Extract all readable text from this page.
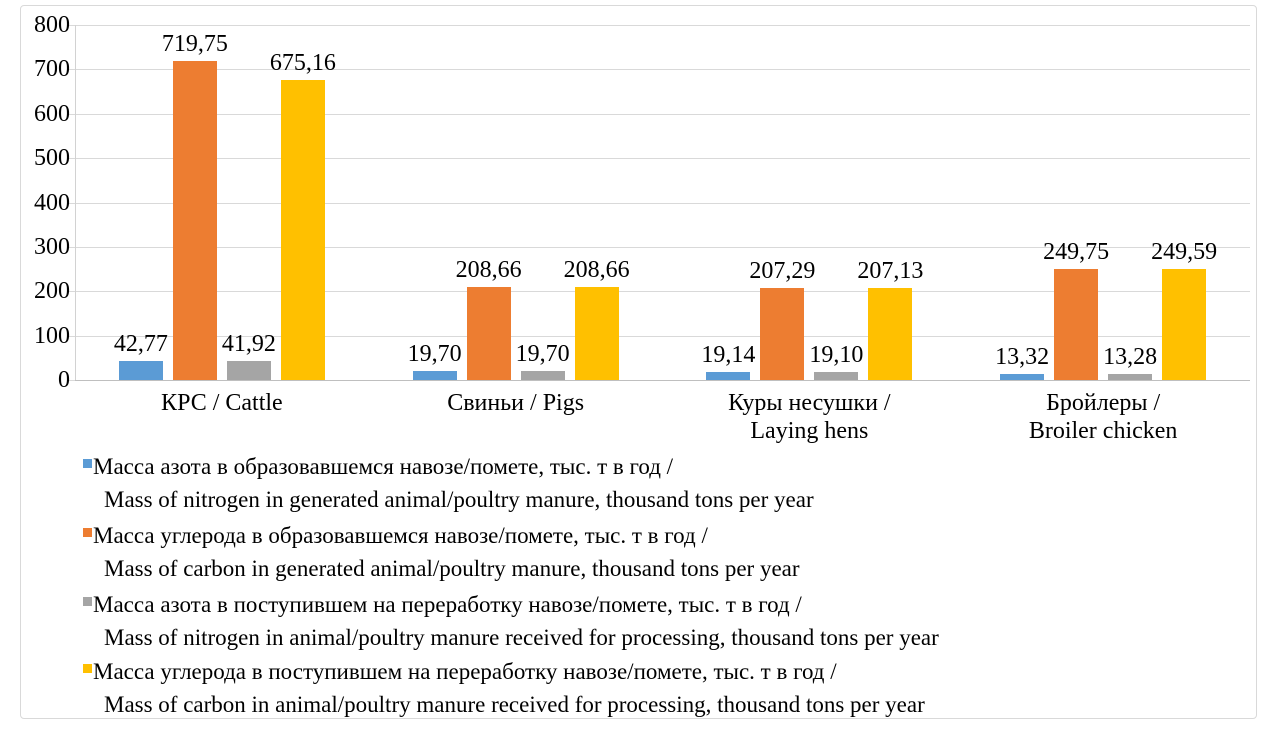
0
100
200
300
400
500
600
700
800
42,77
719,75
41,92
675,16
КРС / Cattle
19,70
208,66
19,70
208,66
Свиньи / Pigs
19,14
207,29
19,10
207,13
Куры несушки /
Laying hens
13,32
249,75
13,28
249,59
Бройлеры /
Broiler chicken
Масса азота в образовавшемся навозе/помете, тыс. т в год /
Mass of nitrogen in generated animal/poultry manure, thousand tons per year
Масса углерода в образовавшемся навозе/помете, тыс. т в год /
Mass of carbon in generated animal/poultry manure, thousand tons per year
Масса азота в поступившем на переработку навозе/помете, тыс. т в год /
Mass of nitrogen in animal/poultry manure received for processing, thousand tons per year
Масса углерода в поступившем на переработку навозе/помете, тыс. т в год /
Mass of carbon in animal/poultry manure received for processing, thousand tons per year
